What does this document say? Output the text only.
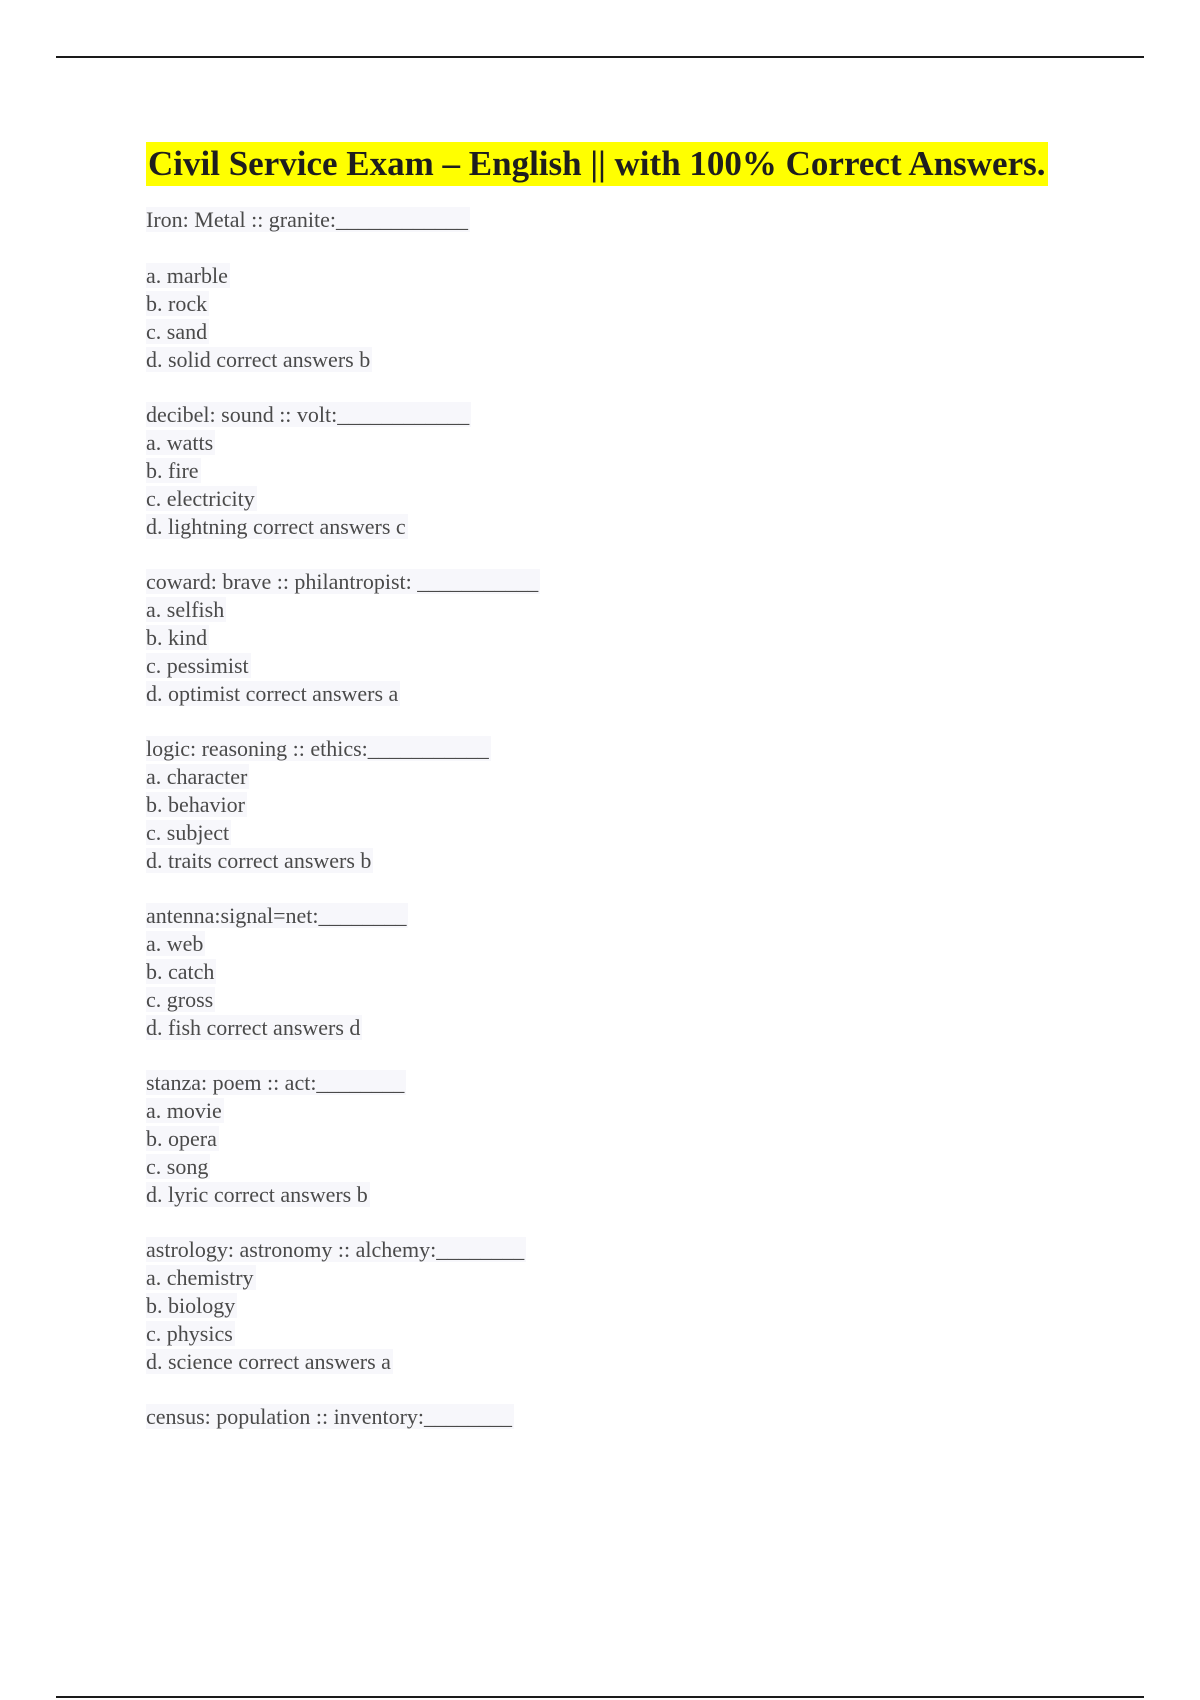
Civil Service Exam – English || with 100% Correct Answers.
Iron: Metal :: granite:____________
a. marble
b. rock
c. sand
d. solid correct answers b
decibel: sound :: volt:____________
a. watts
b. fire
c. electricity
d. lightning correct answers c
coward: brave :: philantropist: ___________
a. selfish
b. kind
c. pessimist
d. optimist correct answers a
logic: reasoning :: ethics:___________
a. character
b. behavior
c. subject
d. traits correct answers b
antenna:signal=net:________
a. web
b. catch
c. gross
d. fish correct answers d
stanza: poem :: act:________
a. movie
b. opera
c. song
d. lyric correct answers b
astrology: astronomy :: alchemy:________
a. chemistry
b. biology
c. physics
d. science correct answers a
census: population :: inventory:________
